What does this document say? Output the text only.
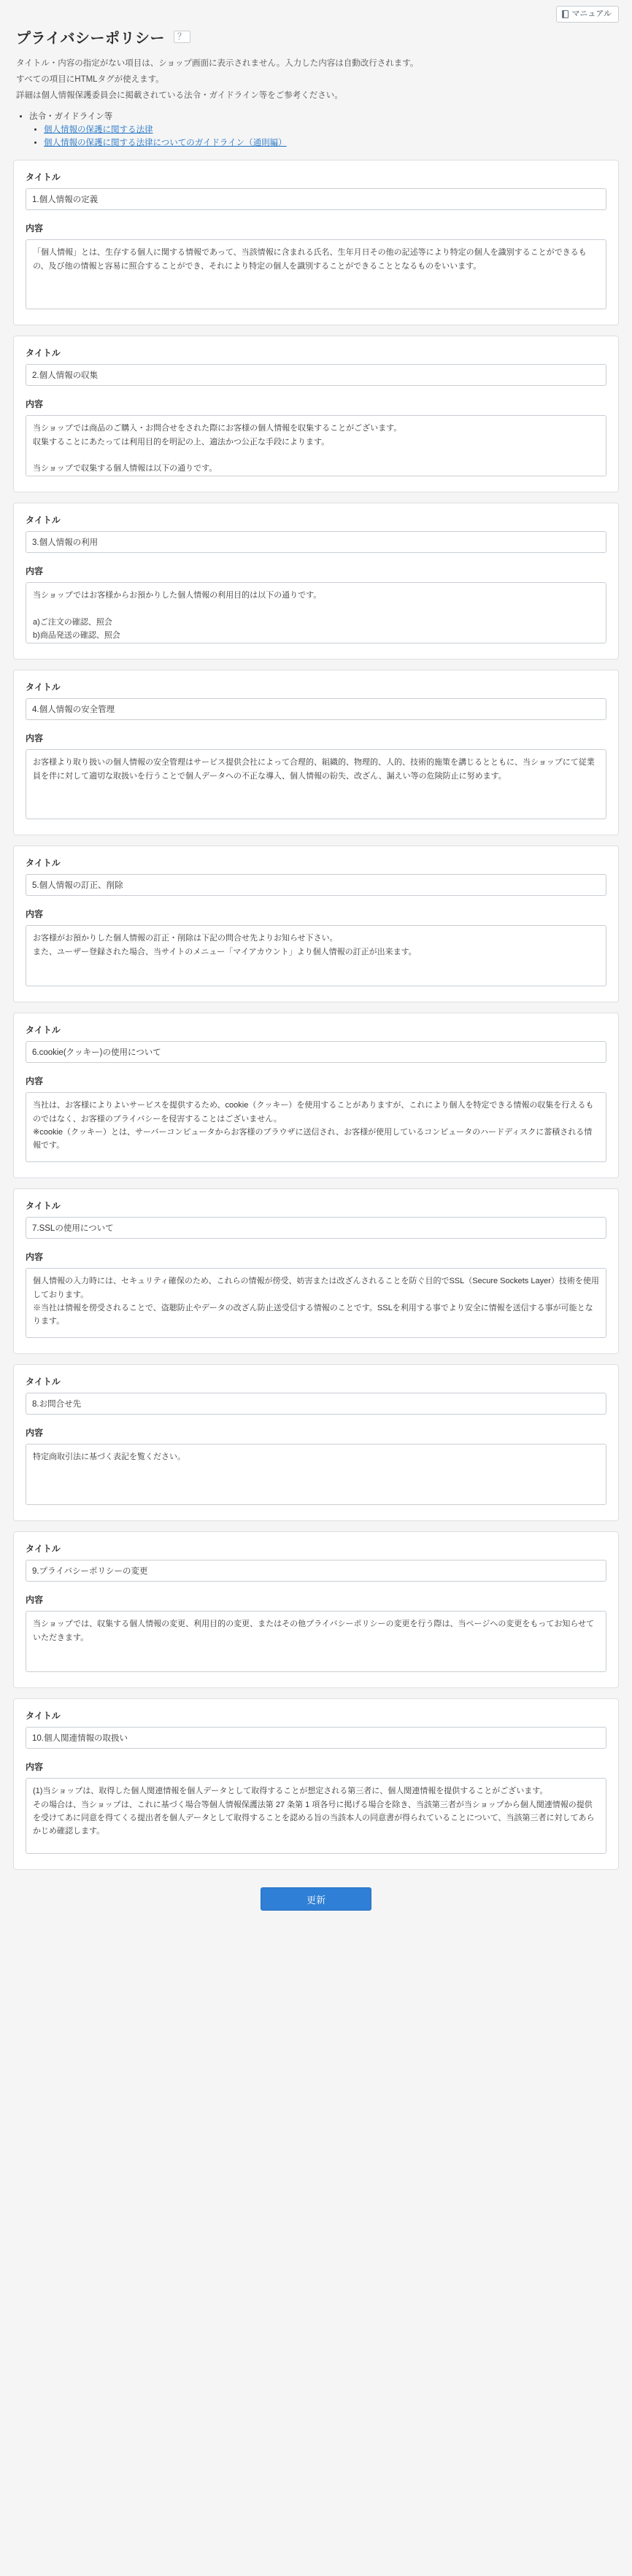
マニュアル
プライバシーポリシー	？

タイトル・内容の指定がない項目は、ショップ画面に表示されません。入力した内容は自動改行されます。

すべての項目にHTMLタグが使えます。

詳細は個人情報保護委員会に掲載されている法令・ガイドライン等をご参考ください。

• 法令・ガイドライン等
• 個人情報の保護に関する法律
• 個人情報の保護に関する法律についてのガイドライン（通則編）
タイトル
1.個人情報の定義
内容
「個人情報」とは、生存する個人に関する情報であって、当該情報に含まれる氏名、生年月日その他の記述等により特定の個人を識別することができるもの、及び他の情報と容易に照合することができ、それにより特定の個人を識別することができることとなるものをいいます。
タイトル
2.個人情報の収集
内容
当ショップでは商品のご購入・お問合せをされた際にお客様の個人情報を収集することがございます。 収集することにあたっては利用目的を明記の上、適法かつ公正な手段によります。 当ショップで収集する個人情報は以下の通りです。
タイトル
3.個人情報の利用
内容
当ショップではお客様からお預かりした個人情報の利用目的は以下の通りです。 a)ご注文の確認、照会 b)商品発送の確認、照会 c)お問合せの返信時
タイトル
4.個人情報の安全管理
内容
お客様より取り扱いの個人情報の安全管理はサービス提供会社によって合理的、組織的、物理的、人的、技術的施策を講じるとともに、当ショップにて従業員を伴に対して適切な取扱いを行うことで個人データへの不正な導入、個人情報の紛失、改ざん、漏えい等の危険防止に努めます。
タイトル
5.個人情報の訂正、削除
内容
お客様がお預かりした個人情報の訂正・削除は下記の問合せ先よりお知らせ下さい。 また、ユーザー登録された場合、当サイトのメニュー「マイアカウント」より個人情報の訂正が出来ます。
タイトル
6.cookie(クッキー)の使用について
内容
当社は、お客様によりよいサービスを提供するため、cookie（クッキー）を使用することがありますが、これにより個人を特定できる情報の収集を行えるものではなく、お客様のプライバシーを侵害することはございません。 ※cookie（クッキー）とは、サーバーコンピュータからお客様のブラウザに送信され、お客様が使用しているコンピュータのハードディスクに蓄積される情報です。
タイトル
7.SSLの使用について
内容
個人情報の入力時には、セキュリティ確保のため、これらの情報が傍受、妨害または改ざんされることを防ぐ目的でSSL（Secure Sockets Layer）技術を使用しております。 ※当社は情報を傍受されることで、盗聴防止やデータの改ざん防止送受信する情報のことです。SSLを利用する事でより安全に情報を送信する事が可能となります。
タイトル
8.お問合せ先
内容
特定商取引法に基づく表記を覧ください。
タイトル
9.プライバシーポリシーの変更
内容
当ショップでは、収集する個人情報の変更、利用目的の変更、またはその他プライバシーポリシーの変更を行う際は、当ページへの変更をもってお知らせていただきます。
タイトル
10.個人関連情報の取扱い
内容
(1)当ショップは、取得した個人関連情報を個人データとして取得することが想定される第三者に、個人関連情報を提供することがございます。 その場合は、当ショップは、これに基づく場合等個人情報保護法第 27 条第 1 項各号に掲げる場合を除き、当該第三者が当ショップから個人関連情報の提供を受けてあに同意を得てくる提出者を個人データとして取得することを認める旨の当該本人の同意書が得られていることについて、当該第三者に対してあらかじめ確認します。
更新
